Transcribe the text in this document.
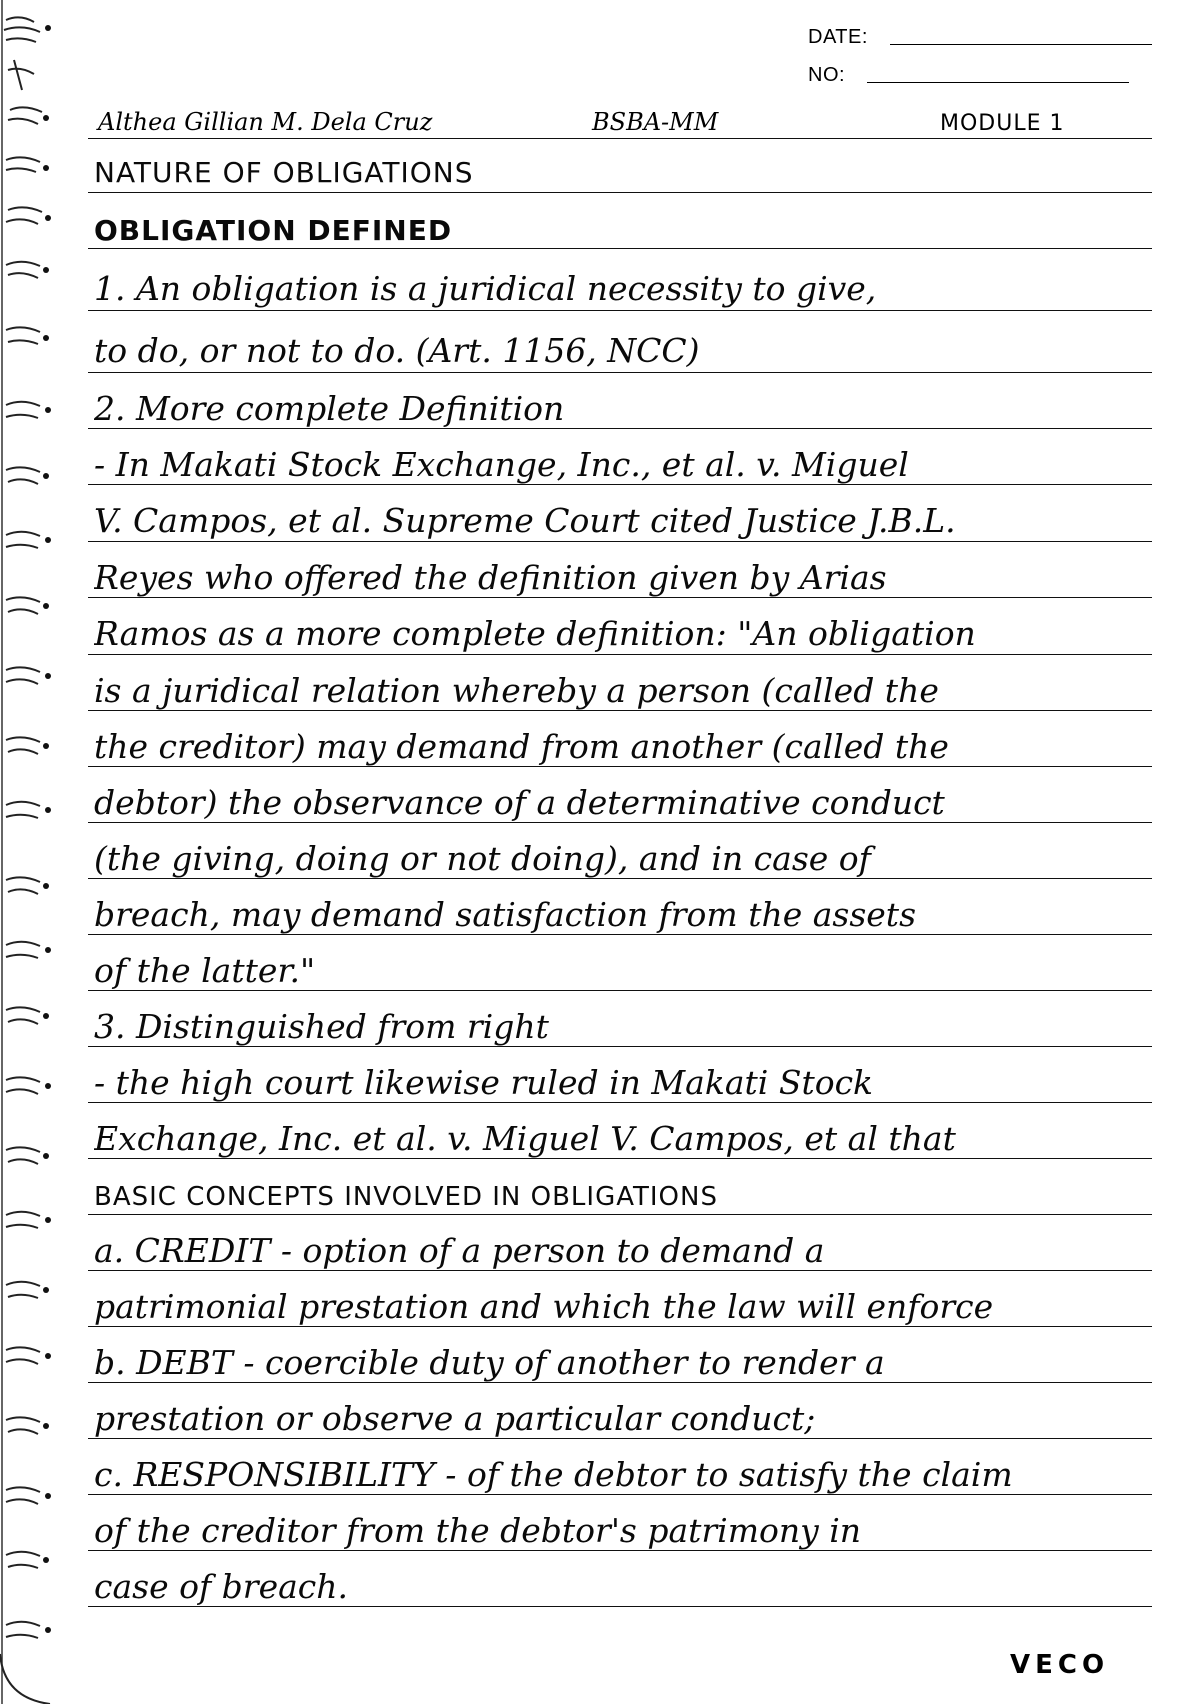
DATE:
NO:
Althea Gillian M. Dela Cruz	BSBA-MM	MODULE 1
NATURE OF OBLIGATIONS
OBLIGATION DEFINED
1. An obligation is a juridical necessity to give,
to do, or not to do. (Art. 1156, NCC)
2. More complete Definition
- In Makati Stock Exchange, Inc., et al. v. Miguel
V. Campos, et al. Supreme Court cited Justice J.B.L.
Reyes who offered the definition given by Arias
Ramos as a more complete definition: "An obligation
is a juridical relation whereby a person (called the
the creditor) may demand from another (called the
debtor) the observance of a determinative conduct
(the giving, doing or not doing), and in case of
breach, may demand satisfaction from the assets
of the latter."
3. Distinguished from right
- the high court likewise ruled in Makati Stock
Exchange, Inc. et al. v. Miguel V. Campos, et al that
BASIC CONCEPTS INVOLVED IN OBLIGATIONS
a. CREDIT - option of a person to demand a
patrimonial prestation and which the law will enforce
b. DEBT - coercible duty of another to render a
prestation or observe a particular conduct;
c. RESPONSIBILITY - of the debtor to satisfy the claim
of the creditor from the debtor's patrimony in
case of breach.
VECO
